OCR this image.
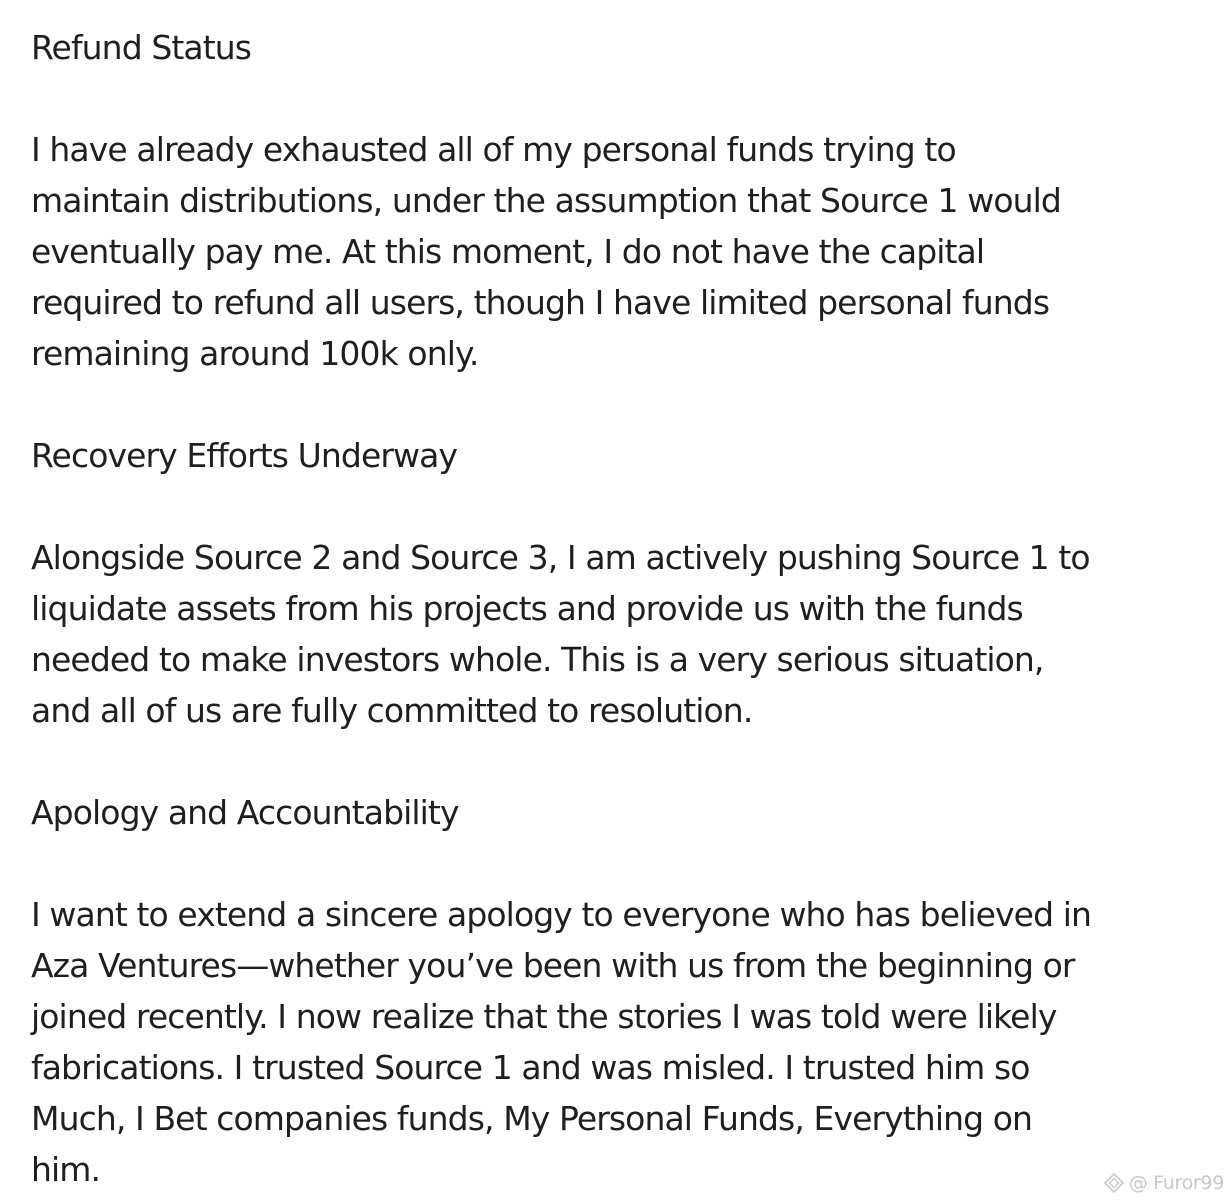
Refund Status
I have already exhausted all of my personal funds trying to
maintain distributions, under the assumption that Source 1 would
eventually pay me. At this moment, I do not have the capital
required to refund all users, though I have limited personal funds
remaining around 100k only.
Recovery Efforts Underway
Alongside Source 2 and Source 3, I am actively pushing Source 1 to
liquidate assets from his projects and provide us with the funds
needed to make investors whole. This is a very serious situation,
and all of us are fully committed to resolution.
Apology and Accountability
I want to extend a sincere apology to everyone who has believed in
Aza Ventures—whether you’ve been with us from the beginning or
joined recently. I now realize that the stories I was told were likely
fabrications. I trusted Source 1 and was misled. I trusted him so
Much, I Bet companies funds, My Personal Funds, Everything on
him.	@ Furor99
